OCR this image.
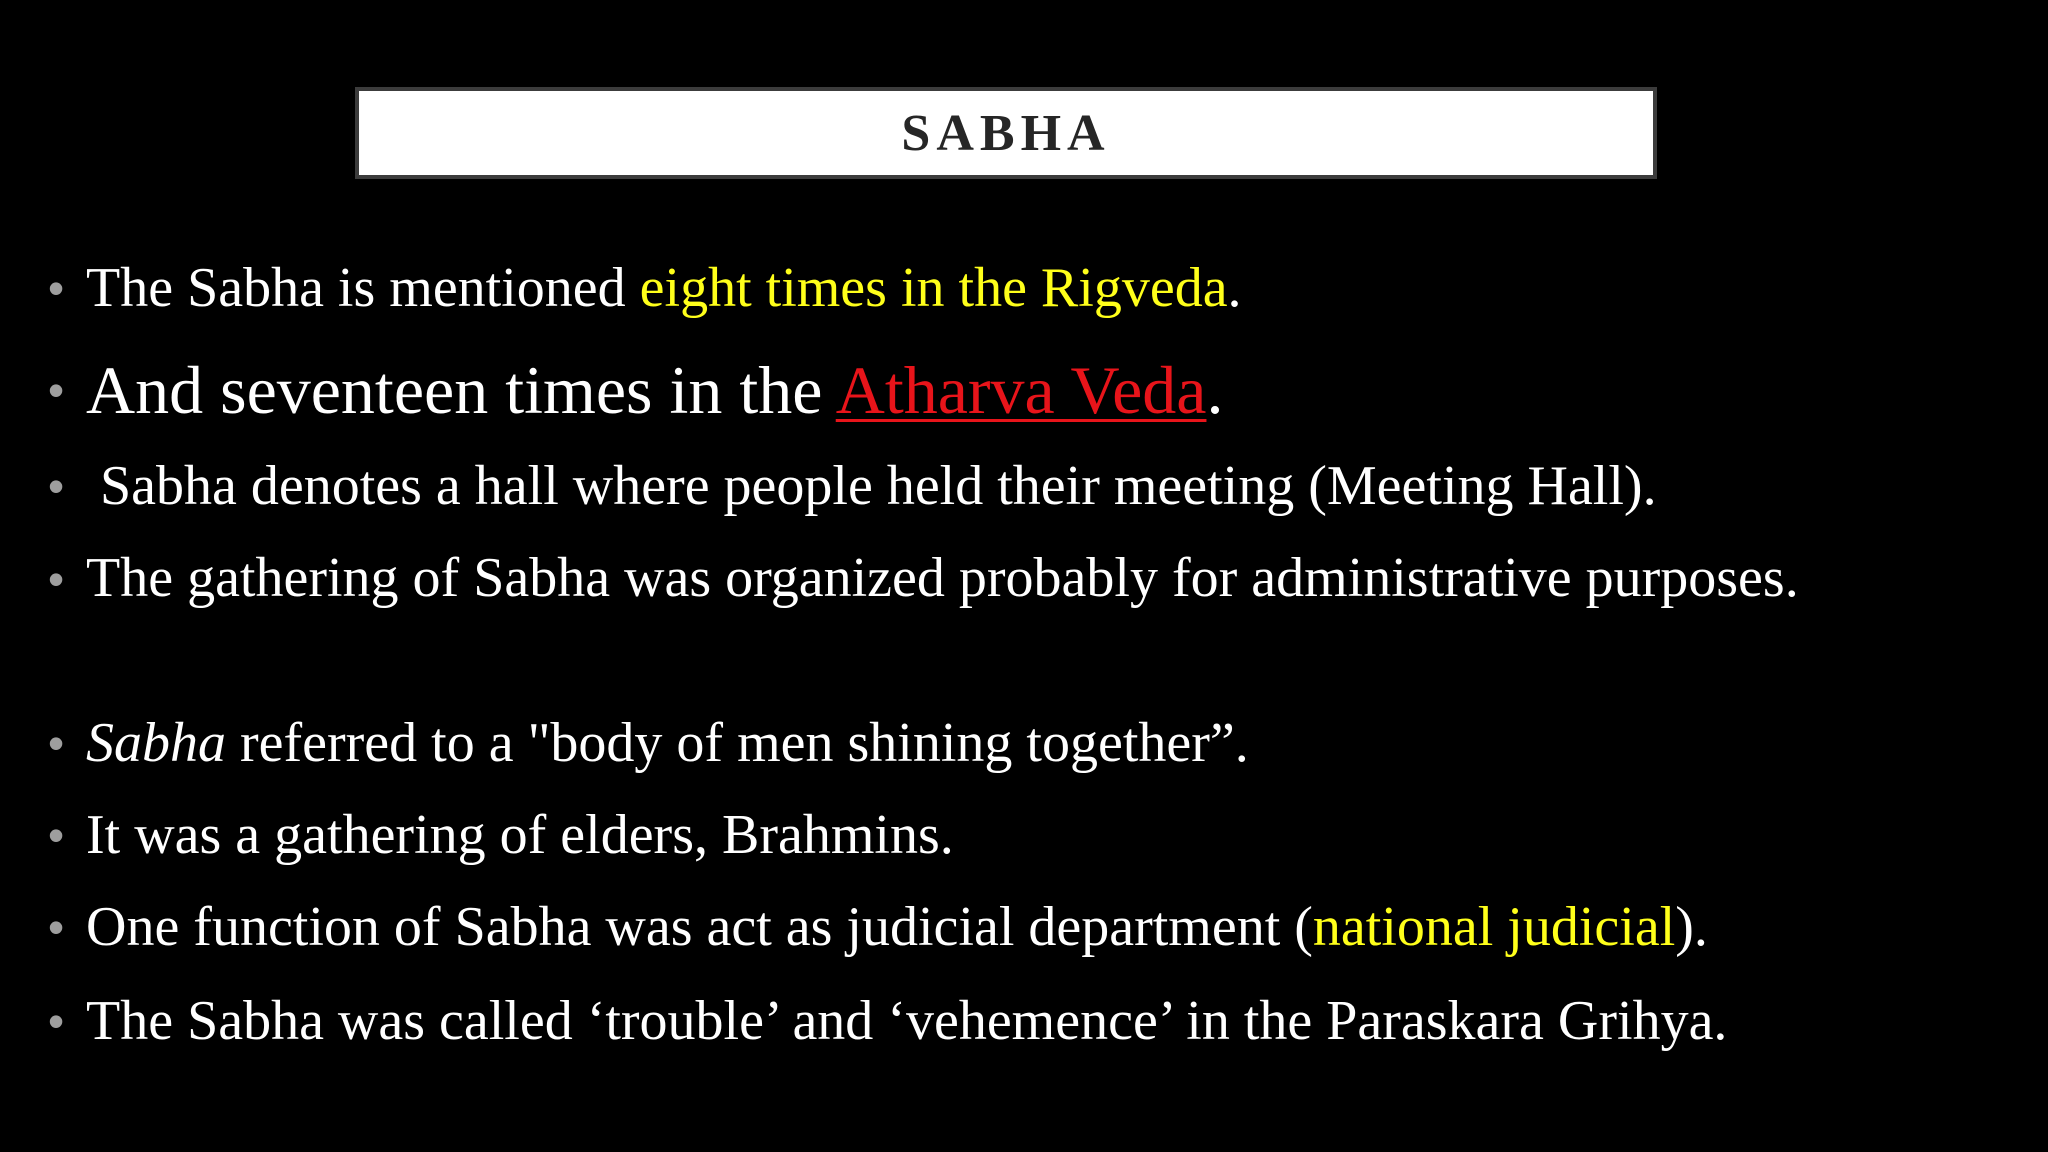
SABHA
• The Sabha is mentioned eight times in the Rigveda.
• And seventeen times in the Atharva Veda.
• Sabha denotes a hall where people held their meeting (Meeting Hall).
• The gathering of Sabha was organized probably for administrative purposes.
• Sabha referred to a "body of men shining together”.
• It was a gathering of elders, Brahmins.
• One function of Sabha was act as judicial department (national judicial).
• The Sabha was called ‘trouble’ and ‘vehemence’ in the Paraskara Grihya.
